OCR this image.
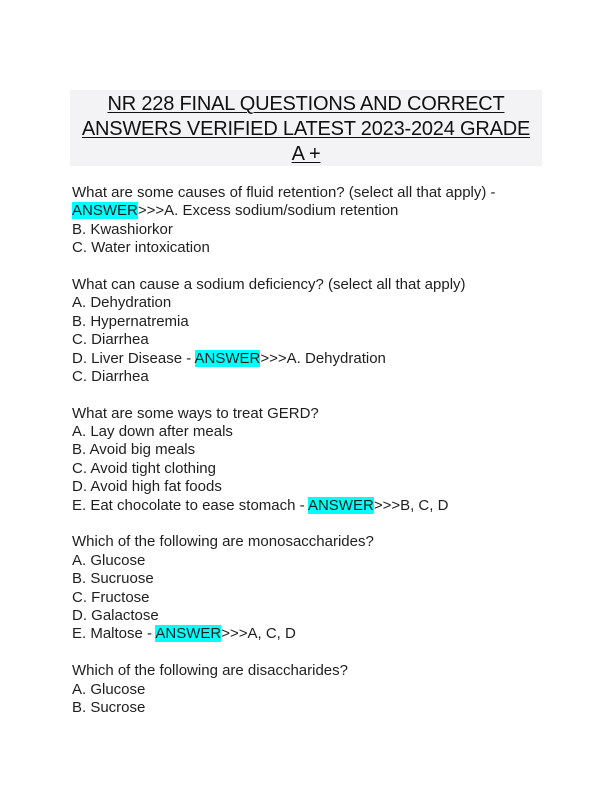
NR 228 FINAL QUESTIONS AND CORRECT
ANSWERS VERIFIED LATEST 2023-2024 GRADE
A +
What are some causes of fluid retention? (select all that apply) -
ANSWER>>>A. Excess sodium/sodium retention
B. Kwashiorkor
C. Water intoxication
What can cause a sodium deficiency? (select all that apply)
A. Dehydration
B. Hypernatremia
C. Diarrhea
D. Liver Disease - ANSWER>>>A. Dehydration
C. Diarrhea
What are some ways to treat GERD?
A. Lay down after meals
B. Avoid big meals
C. Avoid tight clothing
D. Avoid high fat foods
E. Eat chocolate to ease stomach - ANSWER>>>B, C, D
Which of the following are monosaccharides?
A. Glucose
B. Sucruose
C. Fructose
D. Galactose
E. Maltose - ANSWER>>>A, C, D
Which of the following are disaccharides?
A. Glucose
B. Sucrose
